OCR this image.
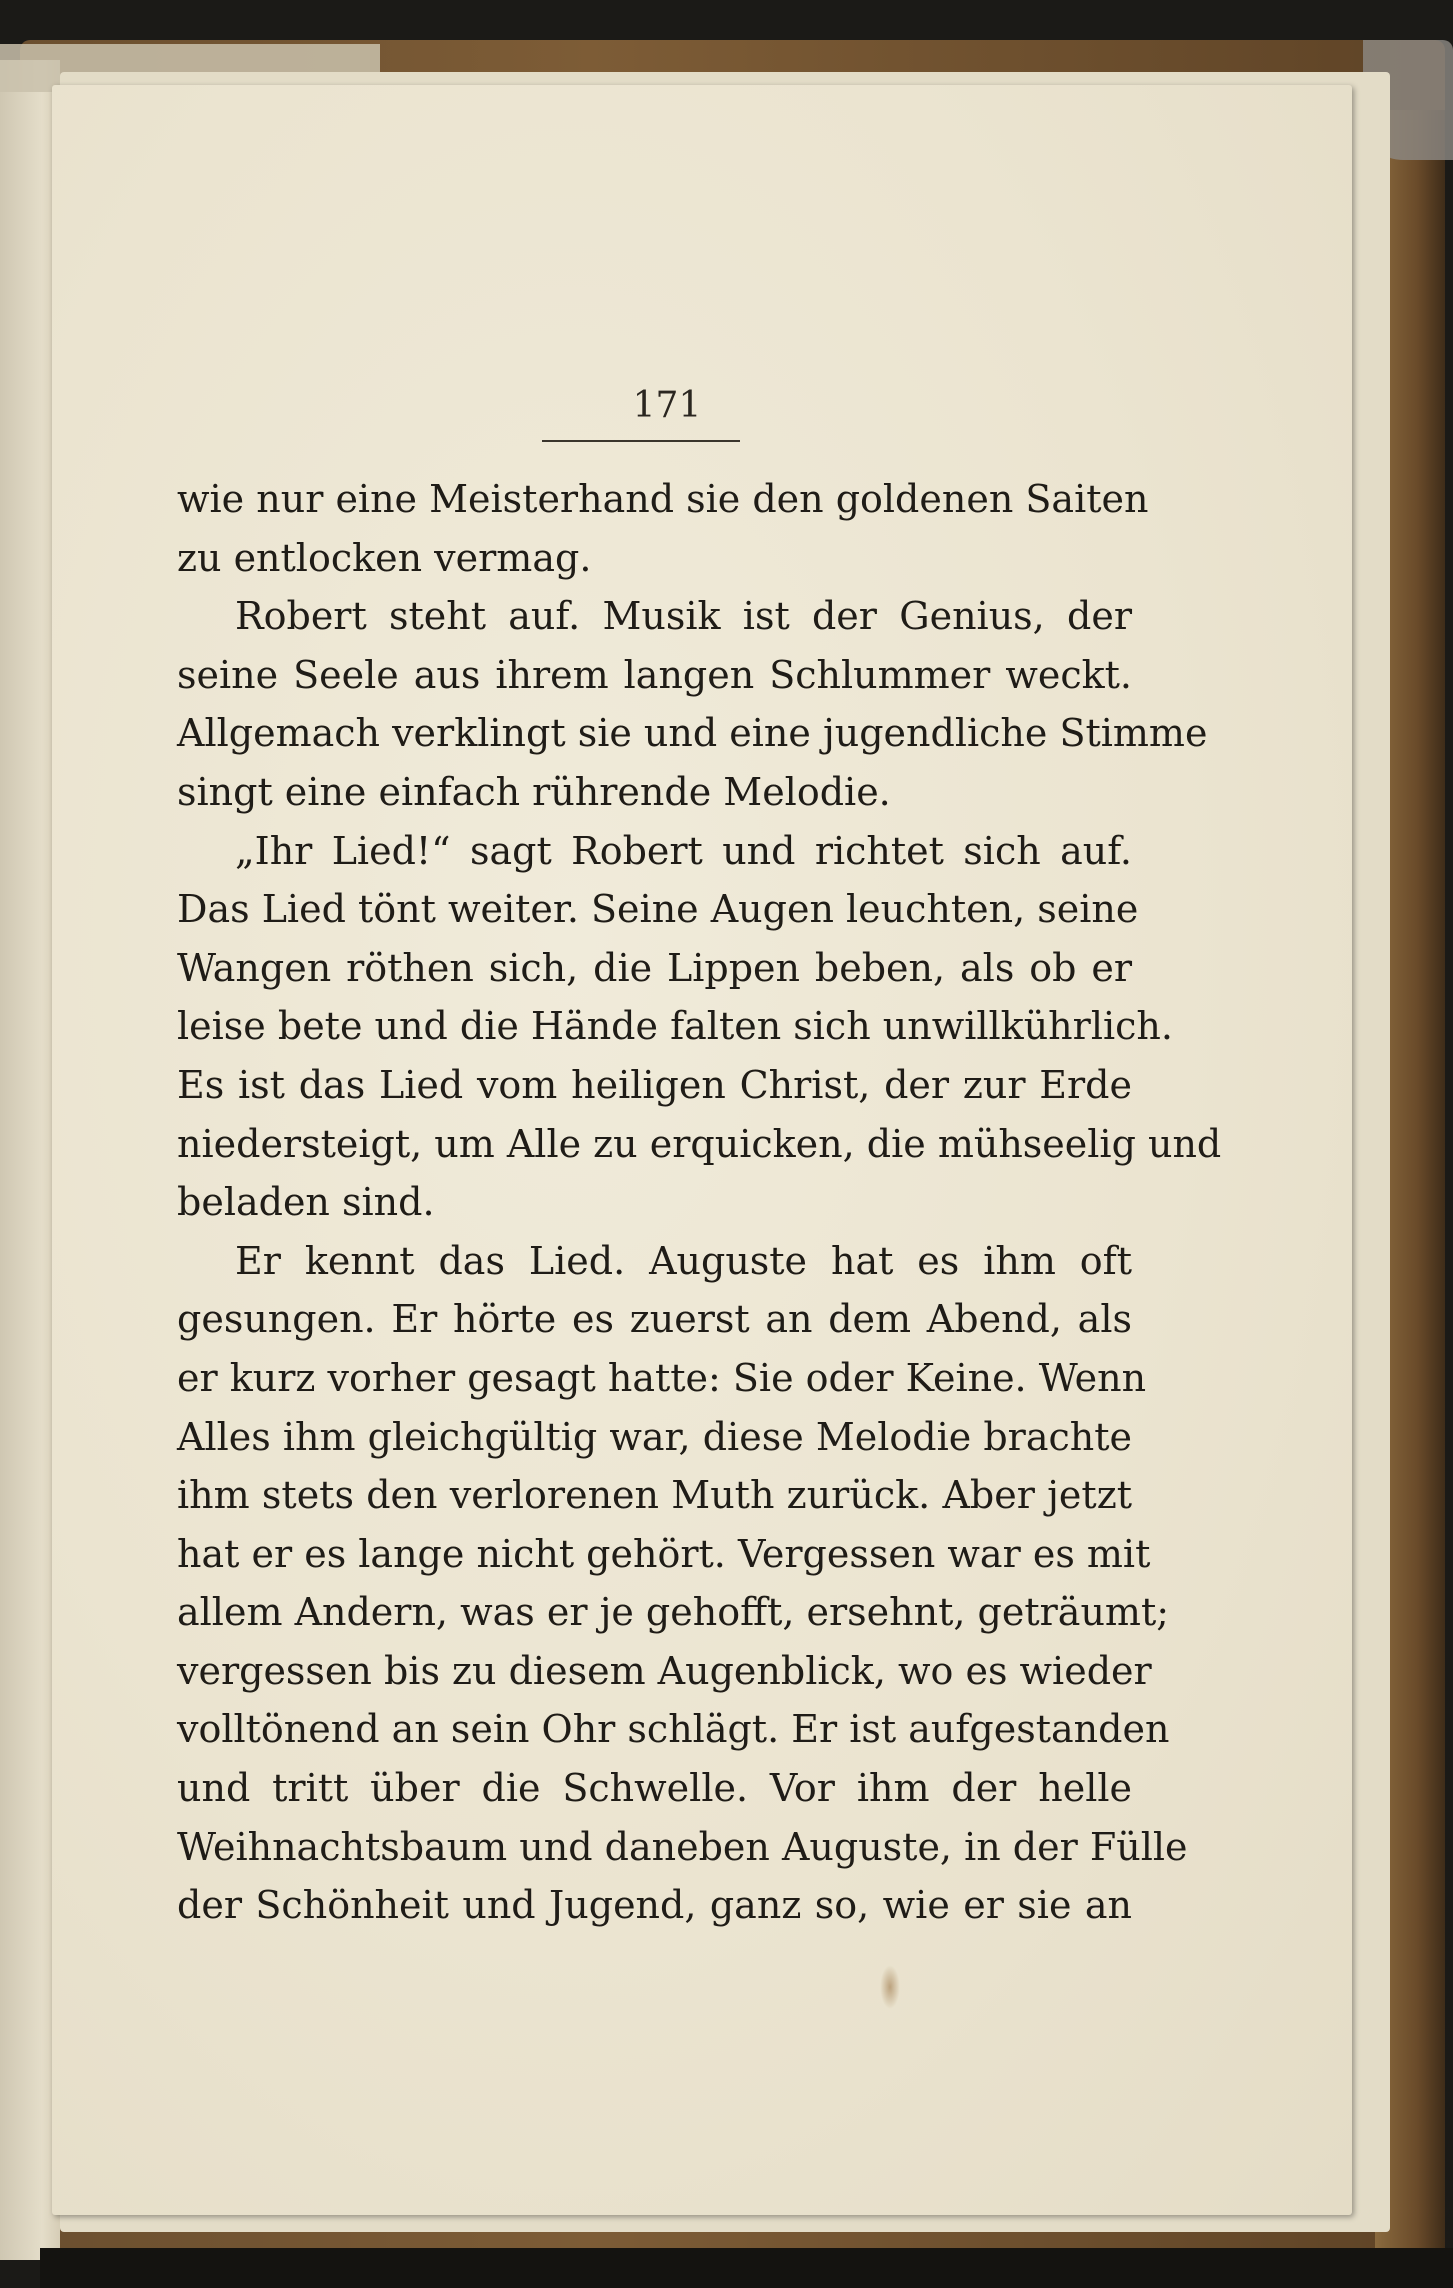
171
wie nur eine Meisterhand sie den goldenen Saiten
zu entlocken vermag.
Robert steht auf. Musik ist der Genius, der
seine Seele aus ihrem langen Schlummer weckt.
Allgemach verklingt sie und eine jugendliche Stimme
singt eine einfach rührende Melodie.
„Ihr Lied!“ sagt Robert und richtet sich auf.
Das Lied tönt weiter. Seine Augen leuchten, seine
Wangen röthen sich, die Lippen beben, als ob er
leise bete und die Hände falten sich unwillkührlich.
Es ist das Lied vom heiligen Christ, der zur Erde
niedersteigt, um Alle zu erquicken, die mühseelig und
beladen sind.
Er kennt das Lied. Auguste hat es ihm oft
gesungen. Er hörte es zuerst an dem Abend, als
er kurz vorher gesagt hatte: Sie oder Keine. Wenn
Alles ihm gleichgültig war, diese Melodie brachte
ihm stets den verlorenen Muth zurück. Aber jetzt
hat er es lange nicht gehört. Vergessen war es mit
allem Andern, was er je gehofft, ersehnt, geträumt;
vergessen bis zu diesem Augenblick, wo es wieder
volltönend an sein Ohr schlägt. Er ist aufgestanden
und tritt über die Schwelle. Vor ihm der helle
Weihnachtsbaum und daneben Auguste, in der Fülle
der Schönheit und Jugend, ganz so, wie er sie an
